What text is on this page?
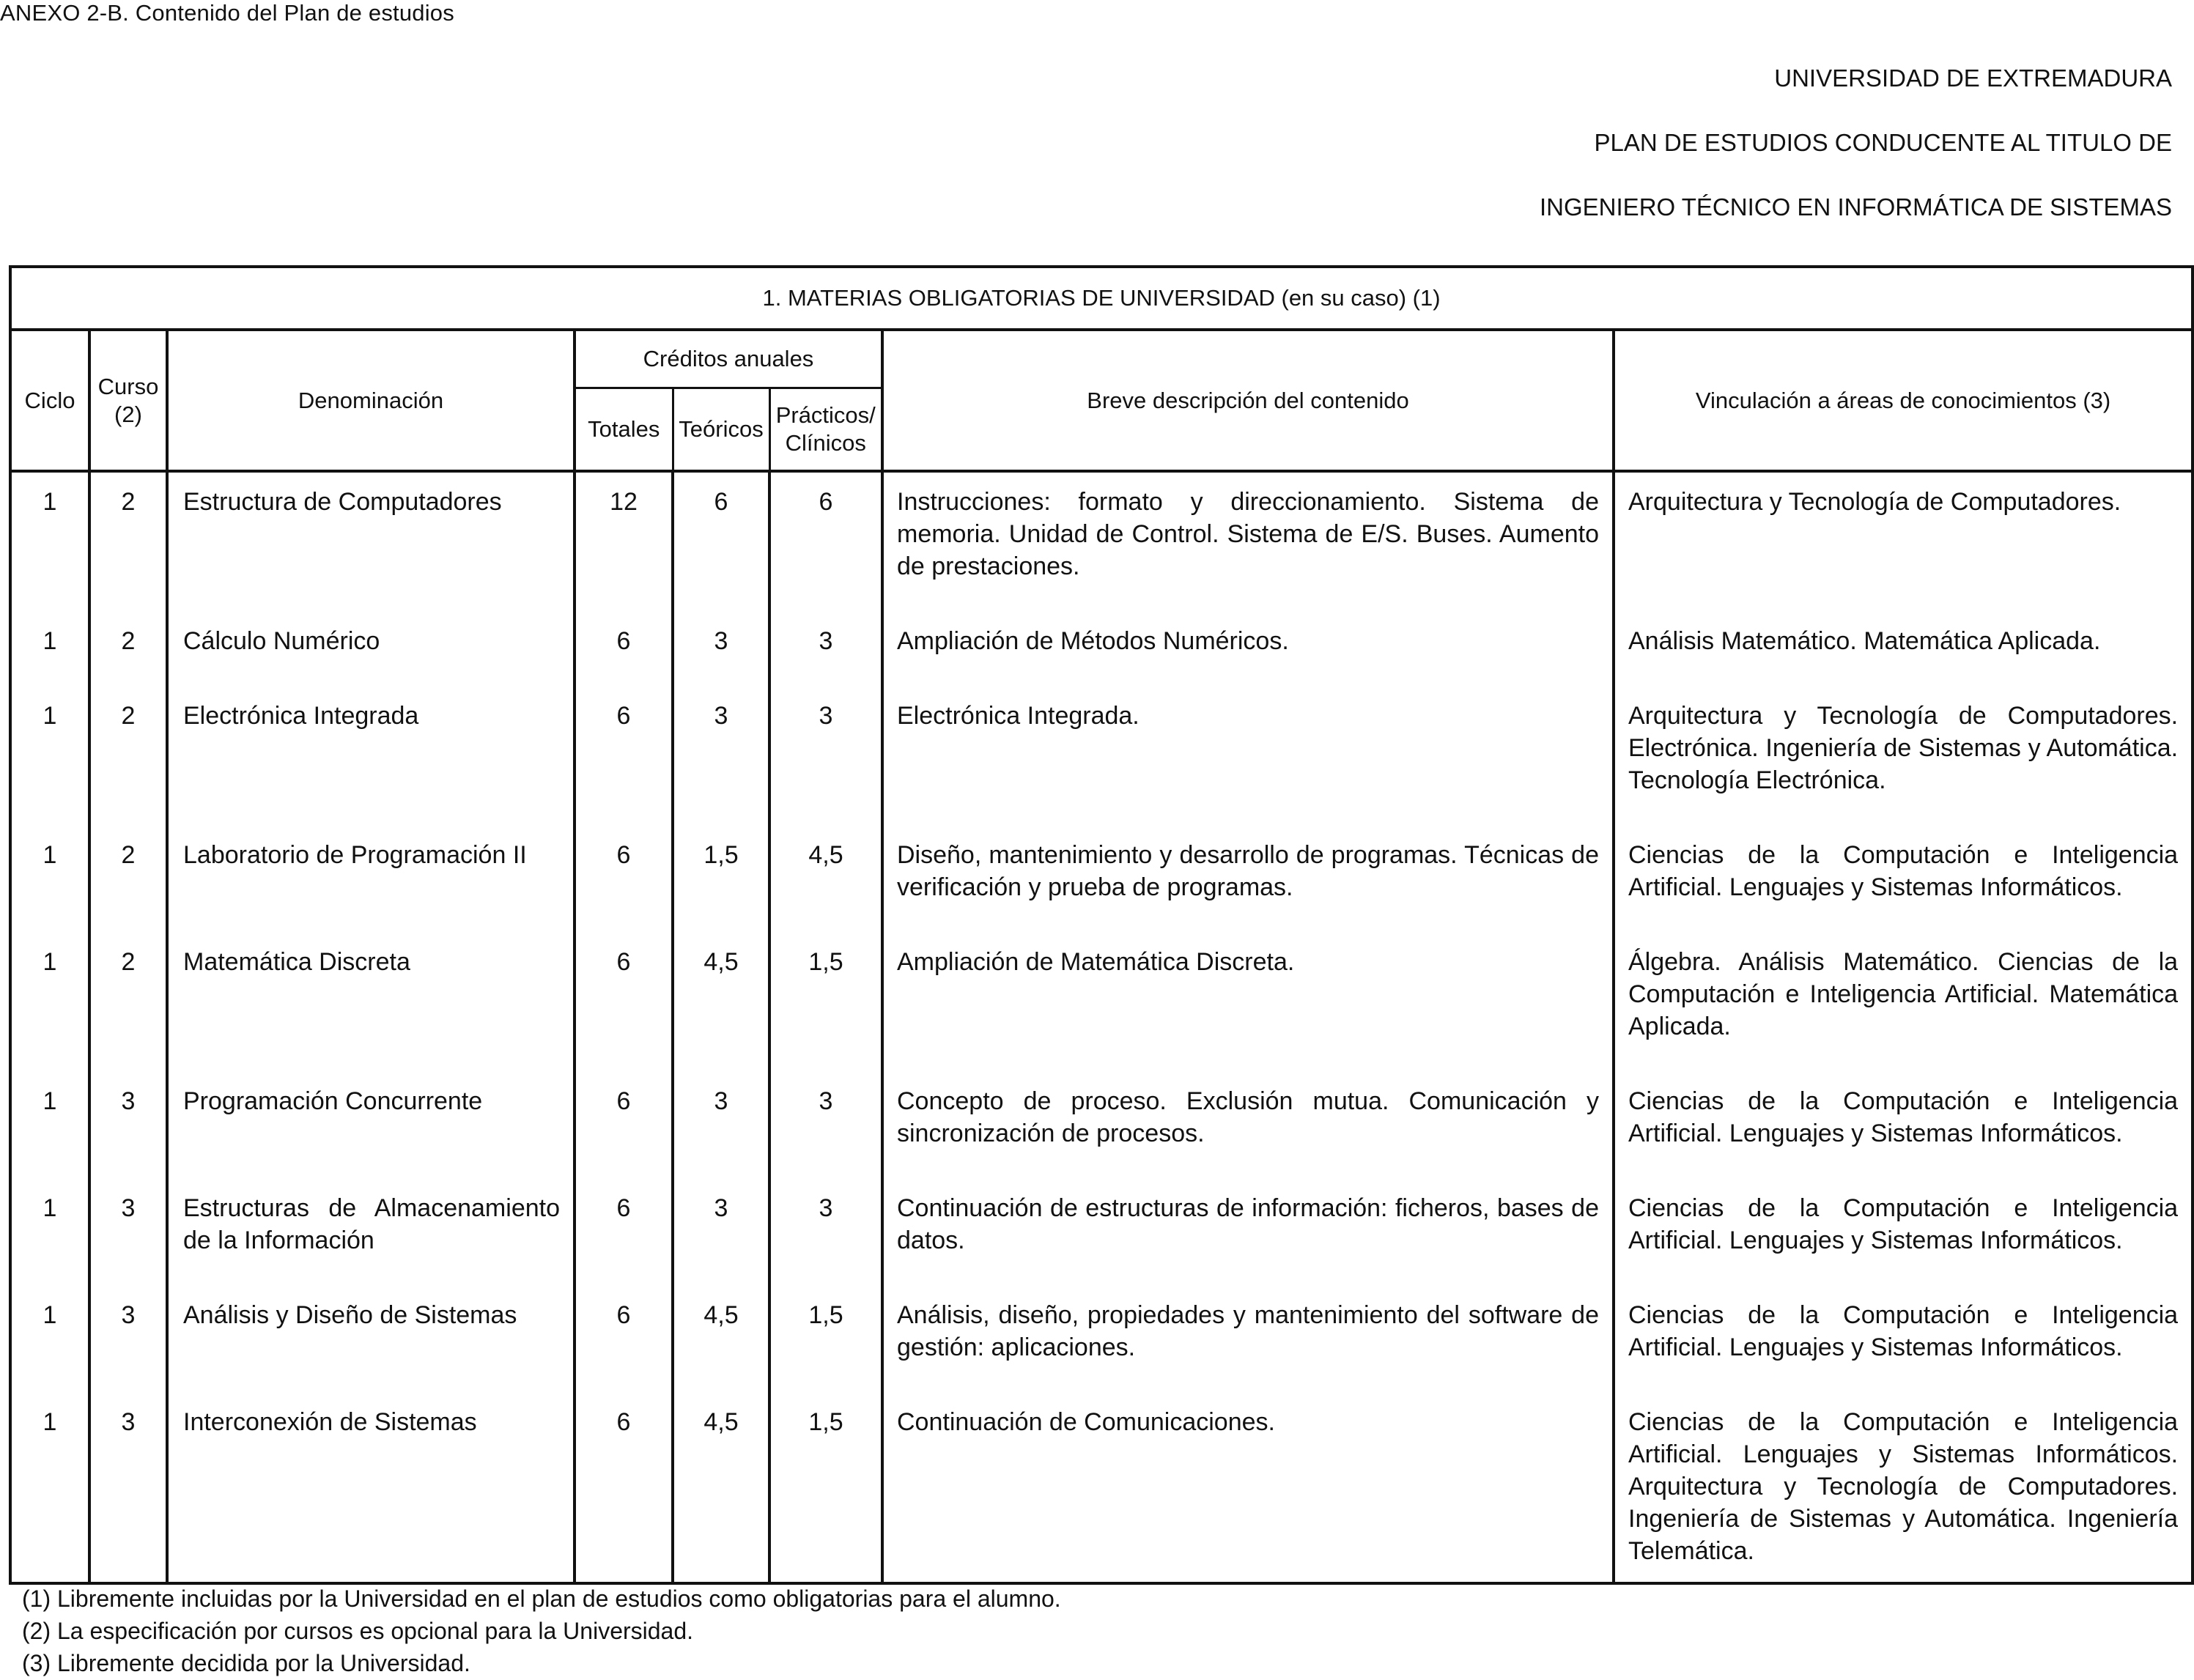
ANEXO 2-B. Contenido del Plan de estudios
UNIVERSIDAD DE EXTREMADURA
PLAN DE ESTUDIOS CONDUCENTE AL TITULO DE
INGENIERO TÉCNICO EN INFORMÁTICA DE SISTEMAS
1. MATERIAS OBLIGATORIAS DE UNIVERSIDAD (en su caso) (1)							
Ciclo	Curso (2)	Denominación	Créditos anuales			Breve descripción del contenido	Vinculación a áreas de conocimientos (3)
			Totales	Teóricos	Prácticos/ Clínicos		
1	2	Estructura de Computadores	12	6	6	Instrucciones: formato y direccionamiento. Sistema de memoria. Unidad de Control. Sistema de E/S. Buses. Aumento de prestaciones.	Arquitectura y Tecnología de Computadores.
1	2	Cálculo Numérico	6	3	3	Ampliación de Métodos Numéricos.	Análisis Matemático. Matemática Aplicada.
1	2	Electrónica Integrada	6	3	3	Electrónica Integrada.	Arquitectura y Tecnología de Computadores. Electrónica. Ingeniería de Sistemas y Automática. Tecnología Electrónica.
1	2	Laboratorio de Programación II	6	1,5	4,5	Diseño, mantenimiento y desarrollo de programas. Técnicas de verificación y prueba de programas.	Ciencias de la Computación e Inteligencia Artificial. Lenguajes y Sistemas Informáticos.
1	2	Matemática Discreta	6	4,5	1,5	Ampliación de Matemática Discreta.	Álgebra. Análisis Matemático. Ciencias de la Computación e Inteligencia Artificial. Matemática Aplicada.
1	3	Programación Concurrente	6	3	3	Concepto de proceso. Exclusión mutua. Comunicación y sincronización de procesos.	Ciencias de la Computación e Inteligencia Artificial. Lenguajes y Sistemas Informáticos.
1	3	Estructuras de Almacenamiento de la Información	6	3	3	Continuación de estructuras de información: ficheros, bases de datos.	Ciencias de la Computación e Inteligencia Artificial. Lenguajes y Sistemas Informáticos.
1	3	Análisis y Diseño de Sistemas	6	4,5	1,5	Análisis, diseño, propiedades y mantenimiento del software de gestión: aplicaciones.	Ciencias de la Computación e Inteligencia Artificial. Lenguajes y Sistemas Informáticos.
1	3	Interconexión de Sistemas	6	4,5	1,5	Continuación de Comunicaciones.	Ciencias de la Computación e Inteligencia Artificial. Lenguajes y Sistemas Informáticos. Arquitectura y Tecnología de Computadores. Ingeniería de Sistemas y Automática. Ingeniería Telemática.
(1) Libremente incluidas por la Universidad en el plan de estudios como obligatorias para el alumno.
(2) La especificación por cursos es opcional para la Universidad.
(3) Libremente decidida por la Universidad.
